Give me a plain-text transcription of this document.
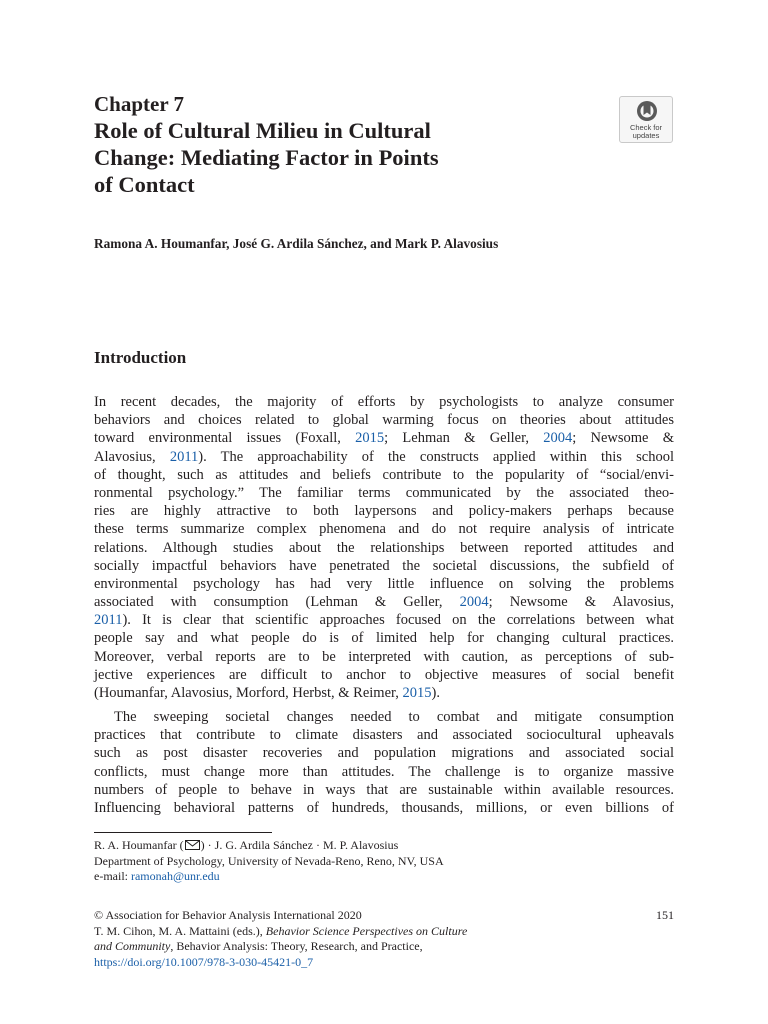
Chapter 7
Role of Cultural Milieu in Cultural
Change: Mediating Factor in Points
of Contact
Check for
updates
Ramona A. Houmanfar, José G. Ardila Sánchez, and Mark P. Alavosius
Introduction
In recent decades, the majority of efforts by psychologists to analyze consumer
behaviors and choices related to global warming focus on theories about attitudes
toward environmental issues (Foxall, 2015; Lehman & Geller, 2004; Newsome &
Alavosius, 2011). The approachability of the constructs applied within this school
of thought, such as attitudes and beliefs contribute to the popularity of “social/envi-
ronmental psychology.” The familiar terms communicated by the associated theo-
ries are highly attractive to both laypersons and policy-makers perhaps because
these terms summarize complex phenomena and do not require analysis of intricate
relations. Although studies about the relationships between reported attitudes and
socially impactful behaviors have penetrated the societal discussions, the subfield of
environmental psychology has had very little influence on solving the problems
associated with consumption (Lehman & Geller, 2004; Newsome & Alavosius,
2011). It is clear that scientific approaches focused on the correlations between what
people say and what people do is of limited help for changing cultural practices.
Moreover, verbal reports are to be interpreted with caution, as perceptions of sub-
jective experiences are difficult to anchor to objective measures of social benefit
(Houmanfar, Alavosius, Morford, Herbst, & Reimer, 2015).
The sweeping societal changes needed to combat and mitigate consumption
practices that contribute to climate disasters and associated sociocultural upheavals
such as post disaster recoveries and population migrations and associated social
conflicts, must change more than attitudes. The challenge is to organize massive
numbers of people to behave in ways that are sustainable within available resources.
Influencing behavioral patterns of hundreds, thousands, millions, or even billions of
R. A. Houmanfar ( ) · J. G. Ardila Sánchez · M. P. Alavosius
Department of Psychology, University of Nevada-Reno, Reno, NV, USA
e-mail: ramonah@unr.edu
151
© Association for Behavior Analysis International 2020
T. M. Cihon, M. A. Mattaini (eds.), Behavior Science Perspectives on Culture
and Community, Behavior Analysis: Theory, Research, and Practice,
https://doi.org/10.1007/978-3-030-45421-0_7
